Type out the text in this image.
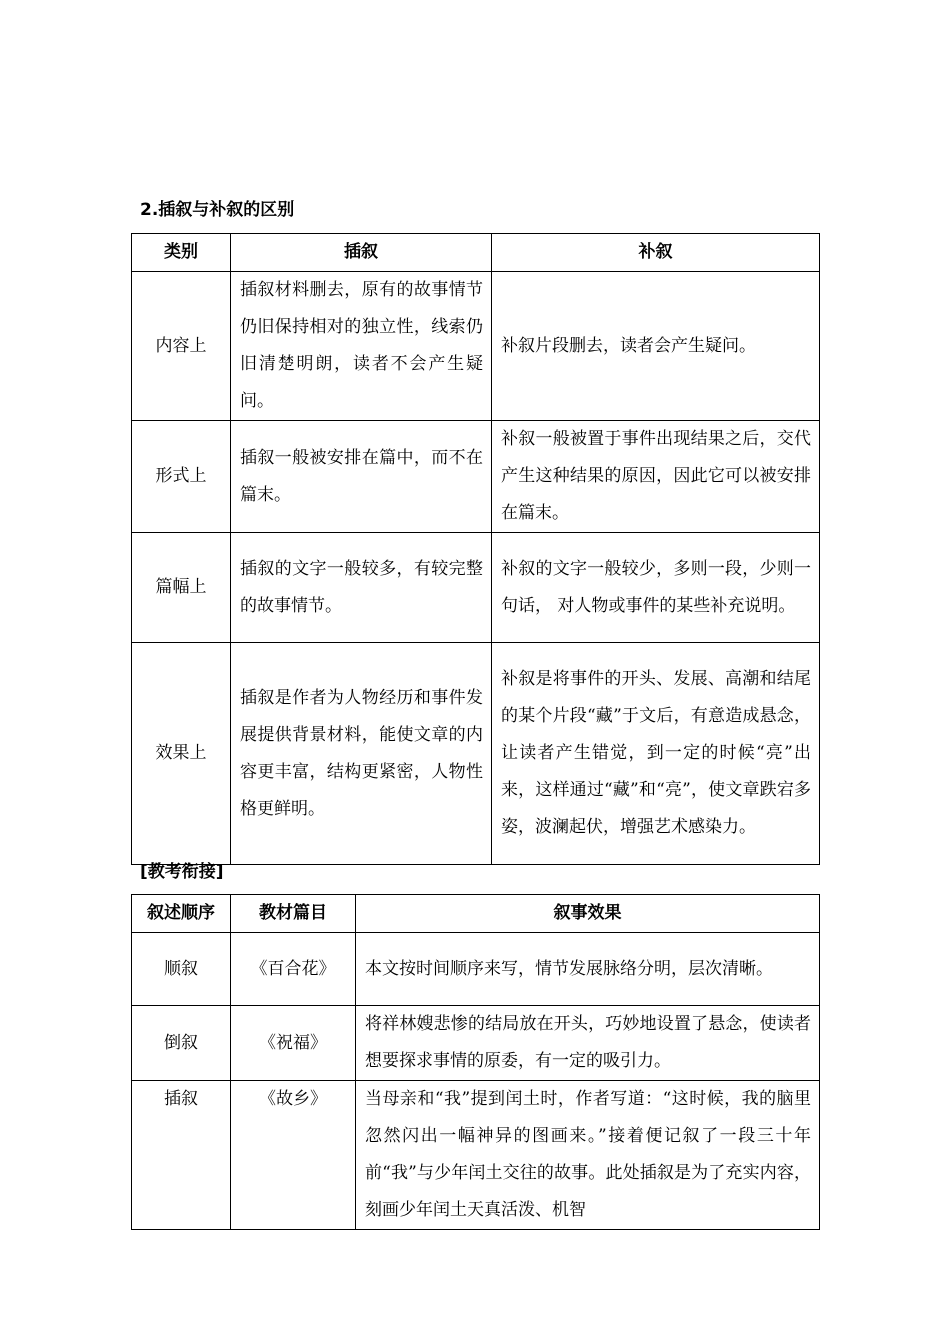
2.插叙与补叙的区别
类别	插叙	补叙
内容上	插叙材料删去，原有的故事情节仍旧保持相对的独立性，线索仍旧清楚明朗，读者不会产生疑问。	补叙片段删去，读者会产生疑问。
形式上	插叙一般被安排在篇中，而不在篇末。	补叙一般被置于事件出现结果之后，交代产生这种结果的原因，因此它可以被安排在篇末。
篇幅上	插叙的文字一般较多，有较完整的故事情节。	补叙的文字一般较少，多则一段，少则一句话， 对人物或事件的某些补充说明。
效果上	插叙是作者为人物经历和事件发展提供背景材料，能使文章的内容更丰富，结构更紧密，人物性格更鲜明。	补叙是将事件的开头、发展、高潮和结尾的某个片段“藏”于文后，有意造成悬念，让读者产生错觉，到一定的时候“亮”出来，这样通过“藏”和“亮”，使文章跌宕多姿，波澜起伏，增强艺术感染力。
[教考衔接]
叙述顺序	教材篇目	叙事效果
顺叙	《百合花》	本文按时间顺序来写，情节发展脉络分明，层次清晰。
倒叙	《祝福》	将祥林嫂悲惨的结局放在开头，巧妙地设置了悬念，使读者想要探求事情的原委，有一定的吸引力。
插叙	《故乡》	当母亲和“我”提到闰土时，作者写道：“这时候，我的脑里忽然闪出一幅神异的图画来。”接着便记叙了一段三十年前“我”与少年闰土交往的故事。此处插叙是为了充实内容，刻画少年闰土天真活泼、机智
